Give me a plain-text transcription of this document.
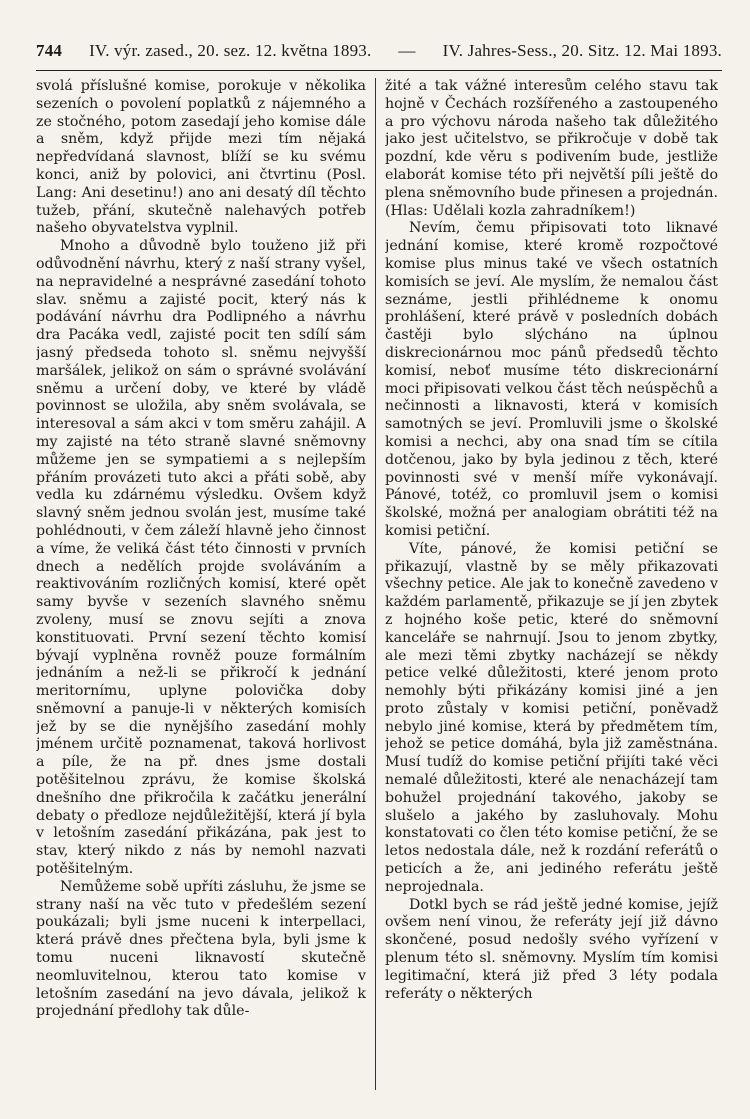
744 IV. výr. zased., 20. sez. 12. května 1893. — IV. Jahres-Sess., 20. Sitz. 12. Mai 1893.

svolá příslušné komise, porokuje v několika sezeních o povolení poplatků z nájemného a ze stočného, potom zasedají jeho komise dále a sněm, když přijde mezi tím nějaká nepředvídaná slavnost, blíží se ku svému konci, aniž by polovici, ani čtvrtinu (Posl. Lang: Ani desetinu!) ano ani desatý díl těchto tužeb, přání, skutečně nalehavých potřeb našeho obyvatelstva vyplnil.

Mnoho a důvodně bylo touženo již při odůvodnění návrhu, který z naší strany vyšel, na nepravidelné a nesprávné zasedání tohoto slav. sněmu a zajisté pocit, který nás k podávání návrhu dra Podlipného a návrhu dra Pacáka vedl, zajisté pocit ten sdílí sám jasný předseda tohoto sl. sněmu nejvyšší maršálek, jelikož on sám o správné svolávání sněmu a určení doby, ve které by vládě povinnost se uložila, aby sněm svolávala, se interesoval a sám akci v tom směru zahájil. A my zajisté na této straně slavné sněmovny můžeme jen se sympatiemi a s nejlepším přáním provázeti tuto akci a přáti sobě, aby vedla ku zdárnému výsledku. Ovšem když slavný sněm jednou svolán jest, musíme také pohlédnouti, v čem záleží hlavně jeho činnost a víme, že veliká část této činnosti v prvních dnech a nedělích projde svoláváním a reaktivováním rozličných komisí, které opět samy byvše v sezeních slavného sněmu zvoleny, musí se znovu sejíti a znova konstituovati. První sezení těchto komisí bývají vyplněna rovněž pouze formálním jednáním a než-li se přikročí k jednání meritornímu, uplyne polovička doby sněmovní a panuje-li v některých komisích jež by se die nynějšího zasedání mohly jménem určitě poznamenat, taková horlivost a píle, že na př. dnes jsme dostali potěšitelnou zprávu, že komise školská dnešního dne přikročila k začátku jenerální debaty o předloze nejdůležitější, která jí byla v letošním zasedání přikázána, pak jest to stav, který nikdo z nás by nemohl nazvati potěšitelným.

Nemůžeme sobě upříti zásluhu, že jsme se strany naší na věc tuto v předešlém sezení poukázali; byli jsme nuceni k interpellaci, která právě dnes přečtena byla, byli jsme k tomu nuceni liknavostí skutečně neomluvitelnou, kterou tato komise v letošním zasedání na jevo dávala, jelikož k projednání předlohy tak důle-

žité a tak vážné interesům celého stavu tak hojně v Čechách rozšířeného a zastoupeného a pro výchovu národa našeho tak důležitého jako jest učitelstvo, se přikročuje v době tak pozdní, kde věru s podivením bude, jestliže elaborát komise této při největší píli ještě do plena sněmovního bude přinesen a projednán. (Hlas: Udělali kozla zahradníkem!)

Nevím, čemu připisovati toto liknavé jednání komise, které kromě rozpočtové komise plus minus také ve všech ostatních komisích se jeví. Ale myslím, že nemalou část seznáme, jestli přihlédneme k onomu prohlášení, které právě v posledních dobách častěji bylo slýcháno na úplnou diskrecionárnou moc pánů předsedů těchto komisí, neboť musíme této diskrecionární moci připisovati velkou část těch neúspěchů a nečinnosti a liknavosti, která v komisích samotných se jeví. Promluvili jsme o školské komisi a nechci, aby ona snad tím se cítila dotčenou, jako by byla jedinou z těch, které povinnosti své v menší míře vykonávají. Pánové, totéž, co promluvil jsem o komisi školské, možná per analogiam obrátiti též na komisi petiční.

Víte, pánové, že komisi petiční se přikazují, vlastně by se měly přikazovati všechny petice. Ale jak to konečně zavedeno v každém parlamentě, přikazuje se jí jen zbytek z hojného koše petic, které do sněmovní kanceláře se nahrnují. Jsou to jenom zbytky, ale mezi těmi zbytky nacházejí se někdy petice velké důležitosti, které jenom proto nemohly býti přikázány komisi jiné a jen proto zůstaly v komisi petiční, poněvadž nebylo jiné komise, která by předmětem tím, jehož se petice domáhá, byla již zaměstnána. Musí tudíž do komise petiční přijíti také věci nemalé důležitosti, které ale nenacházejí tam bohužel projednání takového, jakoby se slušelo a jakého by zasluhovaly. Mohu konstatovati co člen této komise petiční, že se letos nedostala dále, než k rozdání referátů o peticích a že, ani jediného referátu ještě neprojednala.

Dotkl bych se rád ještě jedné komise, jejíž ovšem není vinou, že referáty její již dávno skončené, posud nedošly svého vyřízení v plenum této sl. sněmovny. Myslím tím komisi legitimační, která již před 3 léty podala referáty o některých
